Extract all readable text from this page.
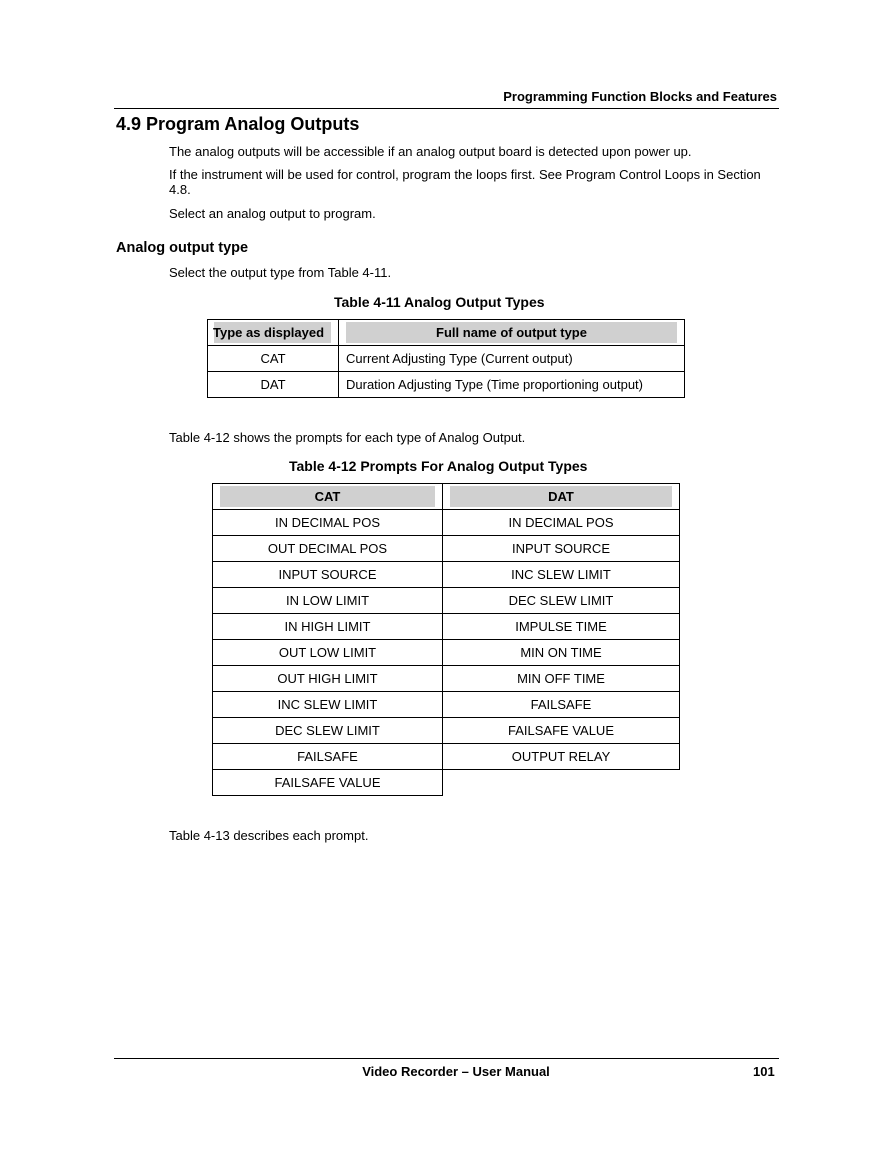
Programming Function Blocks and Features
4.9 Program Analog Outputs
The analog outputs will be accessible if an analog output board is detected upon power up.
If the instrument will be used for control, program the loops first. See Program Control Loops in Section 4.8.
Select an analog output to program.
Analog output type
Select the output type from Table 4-11.
Table 4-11 Analog Output Types
Type as displayed	Full name of output type

CAT	Current Adjusting Type (Current output)
DAT	Duration Adjusting Type (Time proportioning output)
Table 4-12 shows the prompts for each type of Analog Output.
Table 4-12 Prompts For Analog Output Types
CAT	DAT

IN DECIMAL POS	IN DECIMAL POS
OUT DECIMAL POS	INPUT SOURCE
INPUT SOURCE	INC SLEW LIMIT
IN LOW LIMIT	DEC SLEW LIMIT
IN HIGH LIMIT	IMPULSE TIME
OUT LOW LIMIT	MIN ON TIME
OUT HIGH LIMIT	MIN OFF TIME
INC SLEW LIMIT	FAILSAFE
DEC SLEW LIMIT	FAILSAFE VALUE
FAILSAFE	OUTPUT RELAY
FAILSAFE VALUE	
Table 4-13 describes each prompt.
Video Recorder – User Manual	101
